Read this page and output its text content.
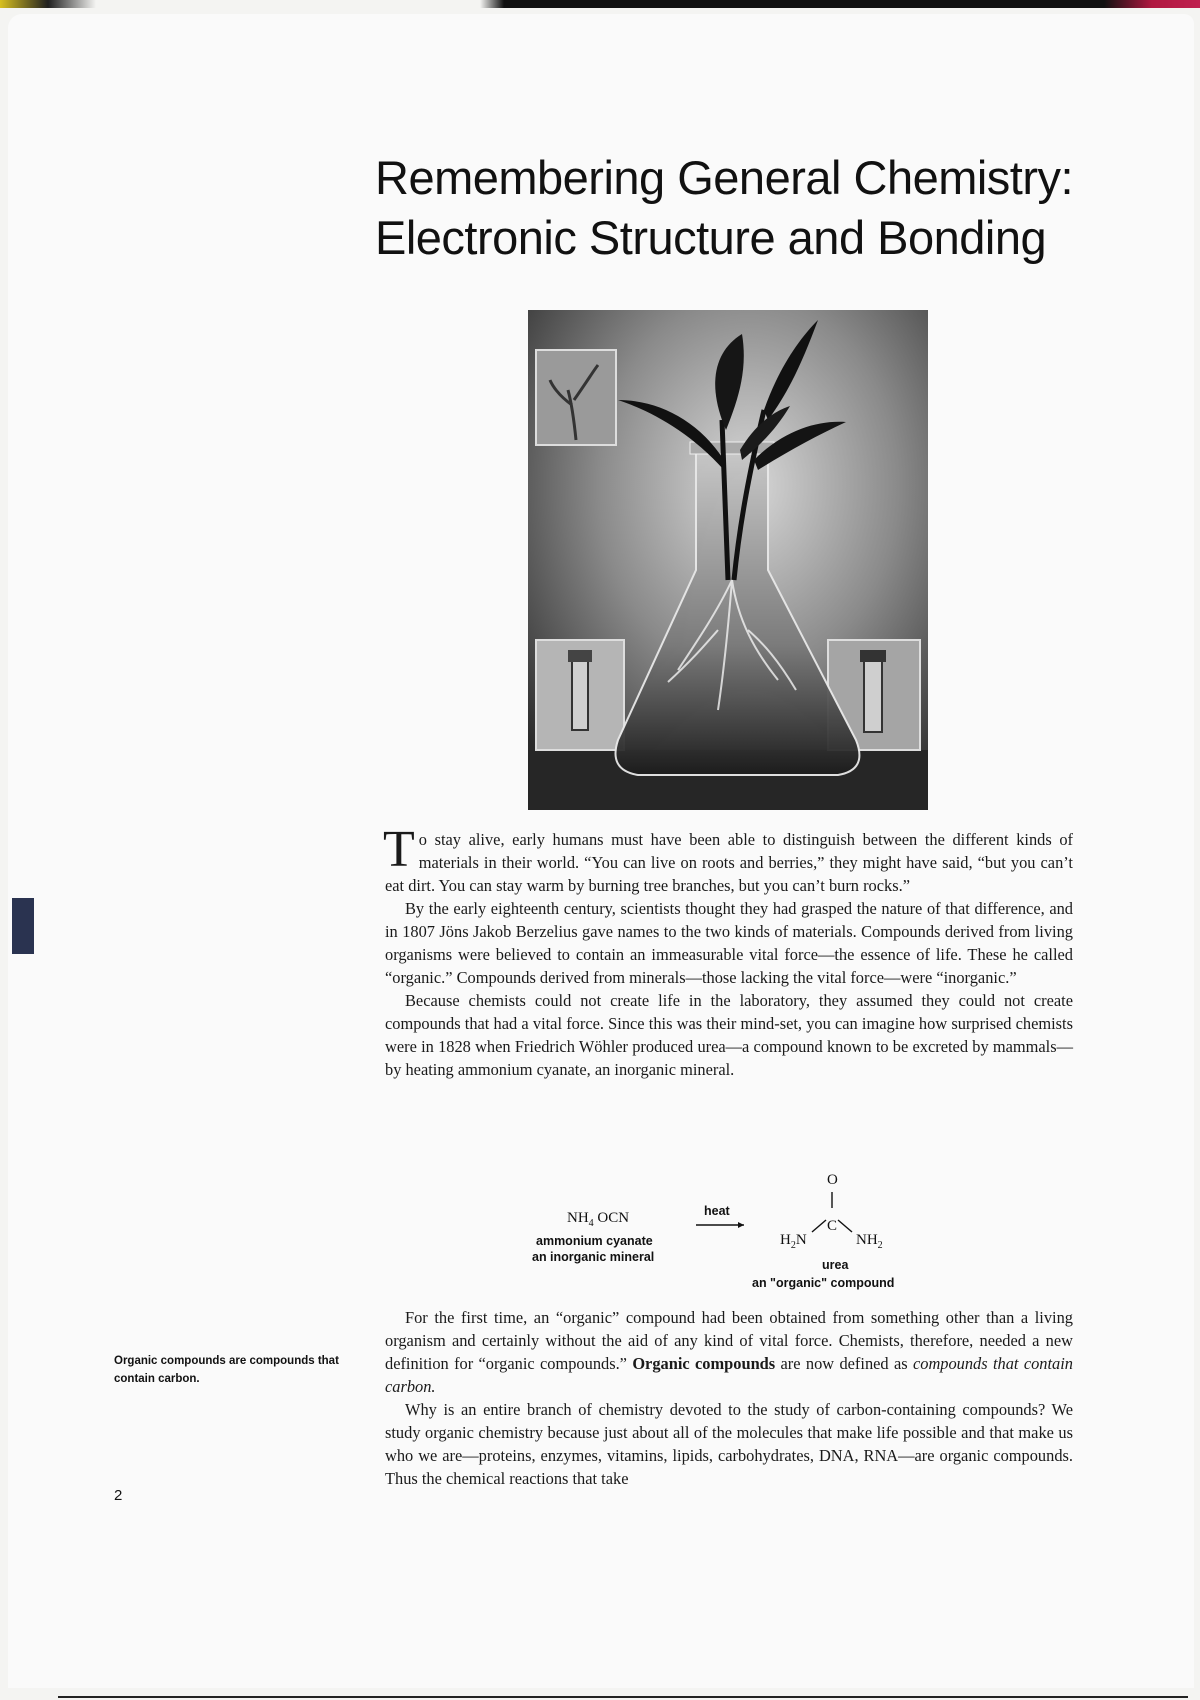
Remembering General Chemistry:
Electronic Structure and Bonding

To stay alive, early humans must have been able to distinguish between the different kinds of materials in their world. “You can live on roots and berries,” they might have said, “but you can’t eat dirt. You can stay warm by burning tree branches, but you can’t burn rocks.”

By the early eighteenth century, scientists thought they had grasped the nature of that difference, and in 1807 Jöns Jakob Berzelius gave names to the two kinds of materials. Compounds derived from living organisms were believed to contain an immeasurable vital force—the essence of life. These he called “organic.” Compounds derived from minerals—those lacking the vital force—were “inorganic.”

Because chemists could not create life in the laboratory, they assumed they could not create compounds that had a vital force. Since this was their mind-set, you can imagine how surprised chemists were in 1828 when Friedrich Wöhler produced urea—a compound known to be excreted by mammals—by heating ammonium cyanate, an inorganic mineral.

$NH_4$ OCN
ammonium cyanate
an inorganic mineral
heat
O
C
$H_2N$	$NH_2$
urea
an "organic" compound

For the first time, an “organic” compound had been obtained from something other than a living organism and certainly without the aid of any kind of vital force. Chemists, therefore, needed a new definition for “organic compounds.” Organic compounds are now defined as compounds that contain carbon.

Why is an entire branch of chemistry devoted to the study of carbon-containing compounds? We study organic chemistry because just about all of the molecules that make life possible and that make us who we are—proteins, enzymes, vitamins, lipids, carbohydrates, DNA, RNA—are organic compounds. Thus the chemical reactions that take

Organic compounds are compounds that contain carbon.
2
